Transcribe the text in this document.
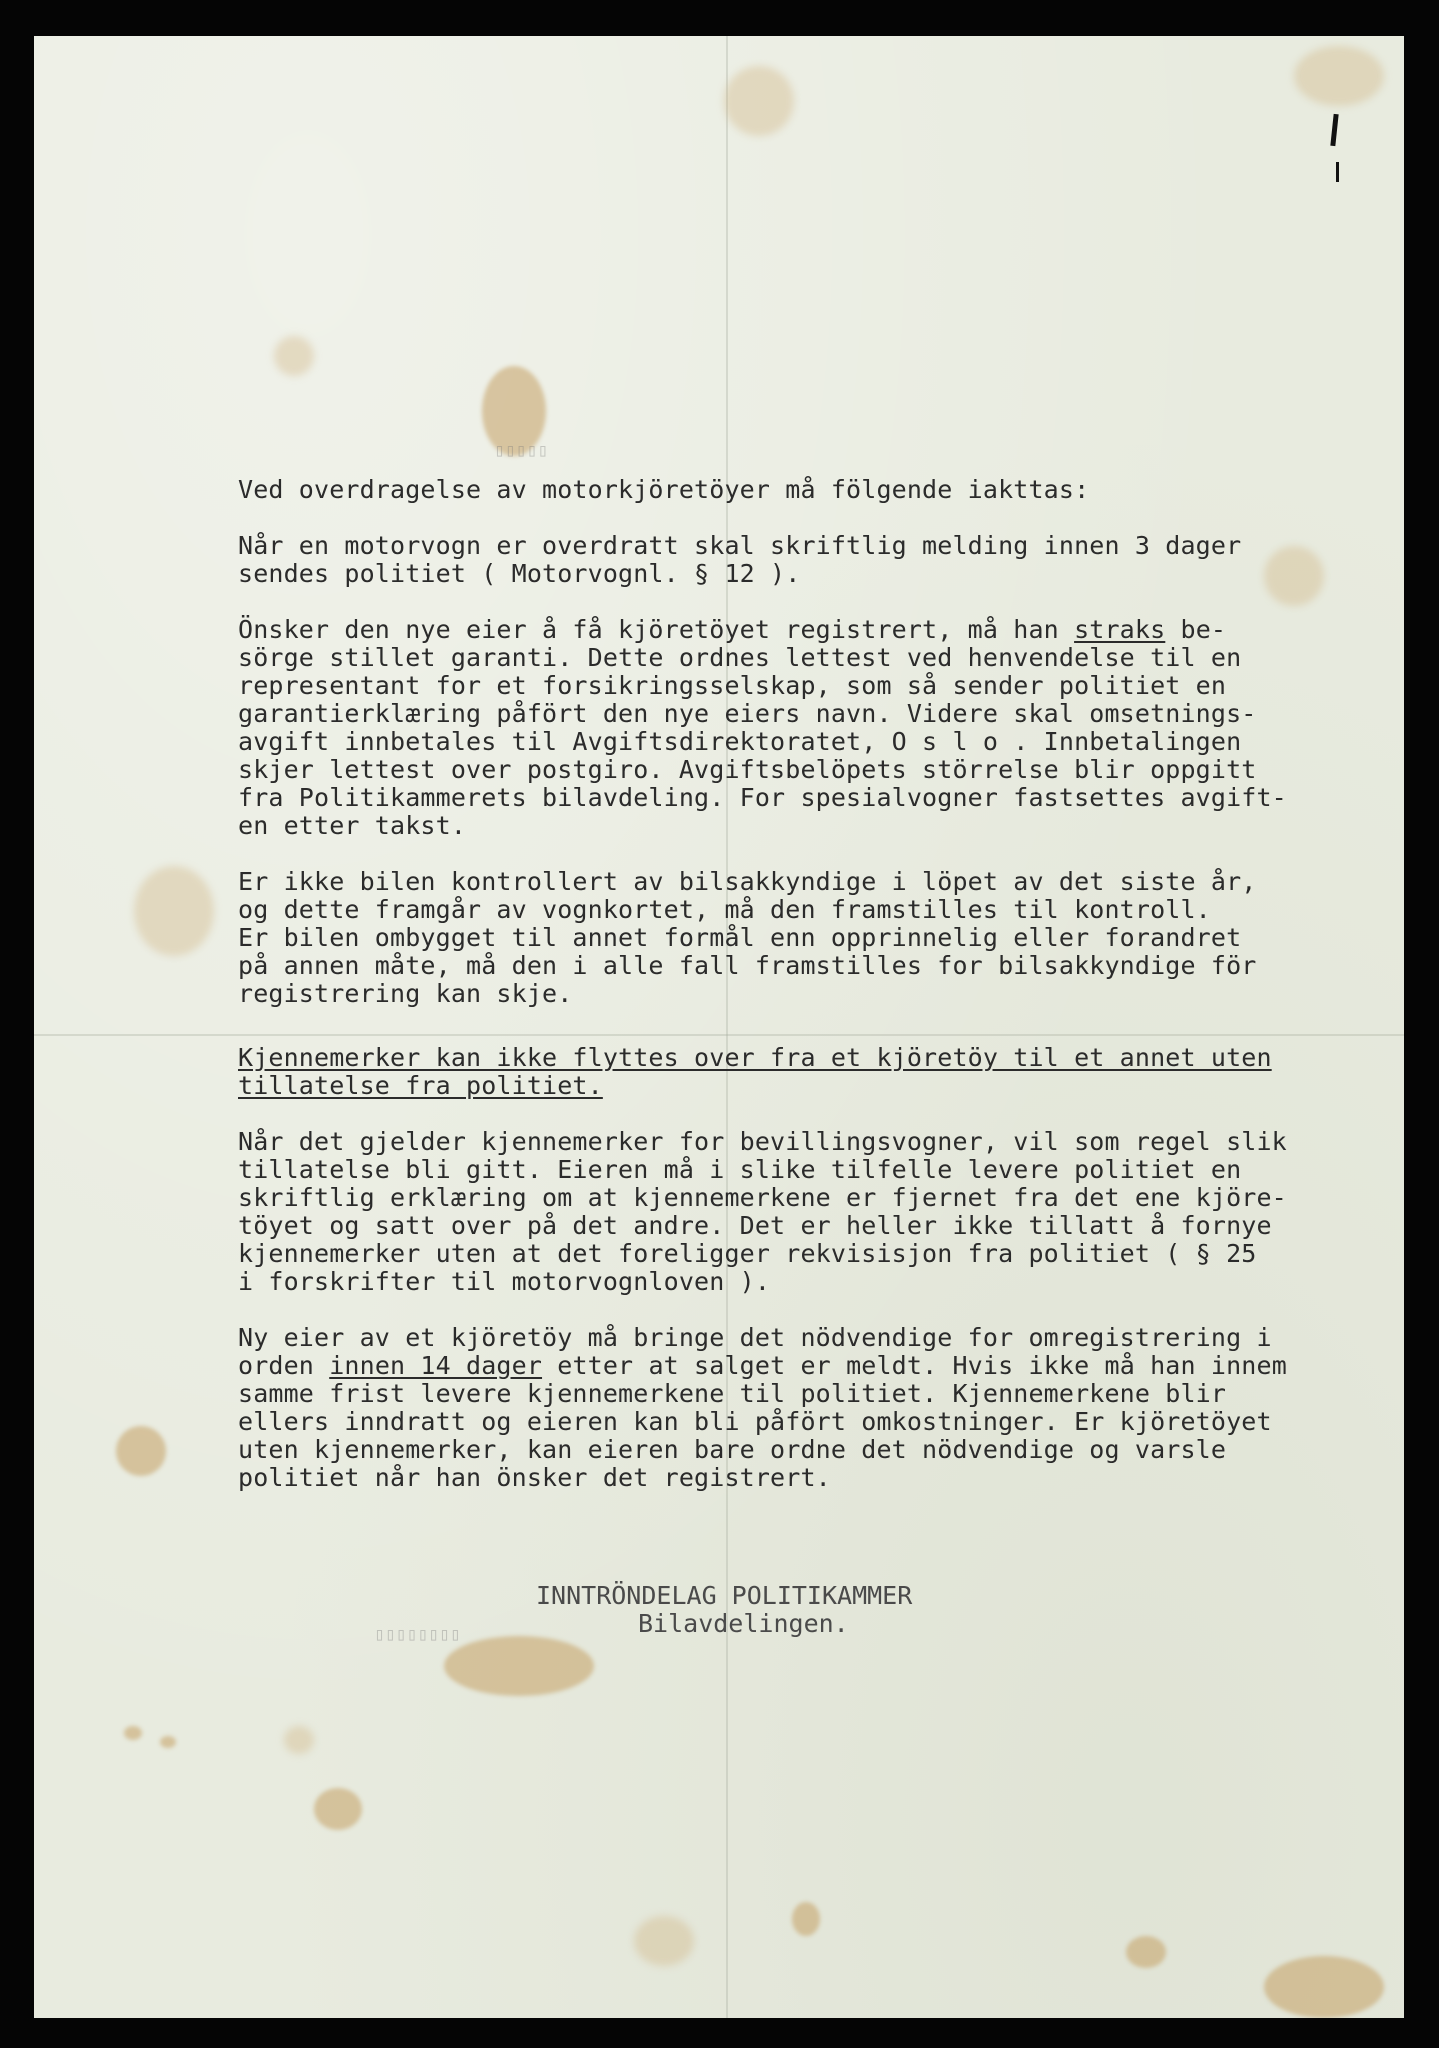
▯▯▯▯▯
▯▯▯▯▯▯▯▯

Ved overdragelse av motorkjöretöyer må fölgende iakttas:

Når en motorvogn er overdratt skal skriftlig melding innen 3 dager

sendes politiet ( Motorvognl. § 12 ).

Önsker den nye eier å få kjöretöyet registrert, må han straks be-

sörge stillet garanti. Dette ordnes lettest ved henvendelse til en

representant for et forsikringsselskap, som så sender politiet en

garantierklæring påfört den nye eiers navn. Videre skal omsetnings-

avgift innbetales til Avgiftsdirektoratet, O s l o . Innbetalingen

skjer lettest over postgiro. Avgiftsbelöpets störrelse blir oppgitt

fra Politikammerets bilavdeling. For spesialvogner fastsettes avgift-

en etter takst.

Er ikke bilen kontrollert av bilsakkyndige i löpet av det siste år,

og dette framgår av vognkortet, må den framstilles til kontroll.

Er bilen ombygget til annet formål enn opprinnelig eller forandret

på annen måte, må den i alle fall framstilles for bilsakkyndige för

registrering kan skje.

Kjennemerker kan ikke flyttes over fra et kjöretöy til et annet uten

tillatelse fra politiet.

Når det gjelder kjennemerker for bevillingsvogner, vil som regel slik

tillatelse bli gitt. Eieren må i slike tilfelle levere politiet en

skriftlig erklæring om at kjennemerkene er fjernet fra det ene kjöre-

töyet og satt over på det andre. Det er heller ikke tillatt å fornye

kjennemerker uten at det foreligger rekvisisjon fra politiet ( § 25

i forskrifter til motorvognloven ).

Ny eier av et kjöretöy må bringe det nödvendige for omregistrering i

orden innen 14 dager etter at salget er meldt. Hvis ikke må han innem

samme frist levere kjennemerkene til politiet. Kjennemerkene blir

ellers inndratt og eieren kan bli påfört omkostninger. Er kjöretöyet

uten kjennemerker, kan eieren bare ordne det nödvendige og varsle

politiet når han önsker det registrert.

INNTRÖNDELAG POLITIKAMMER
Bilavdelingen.
